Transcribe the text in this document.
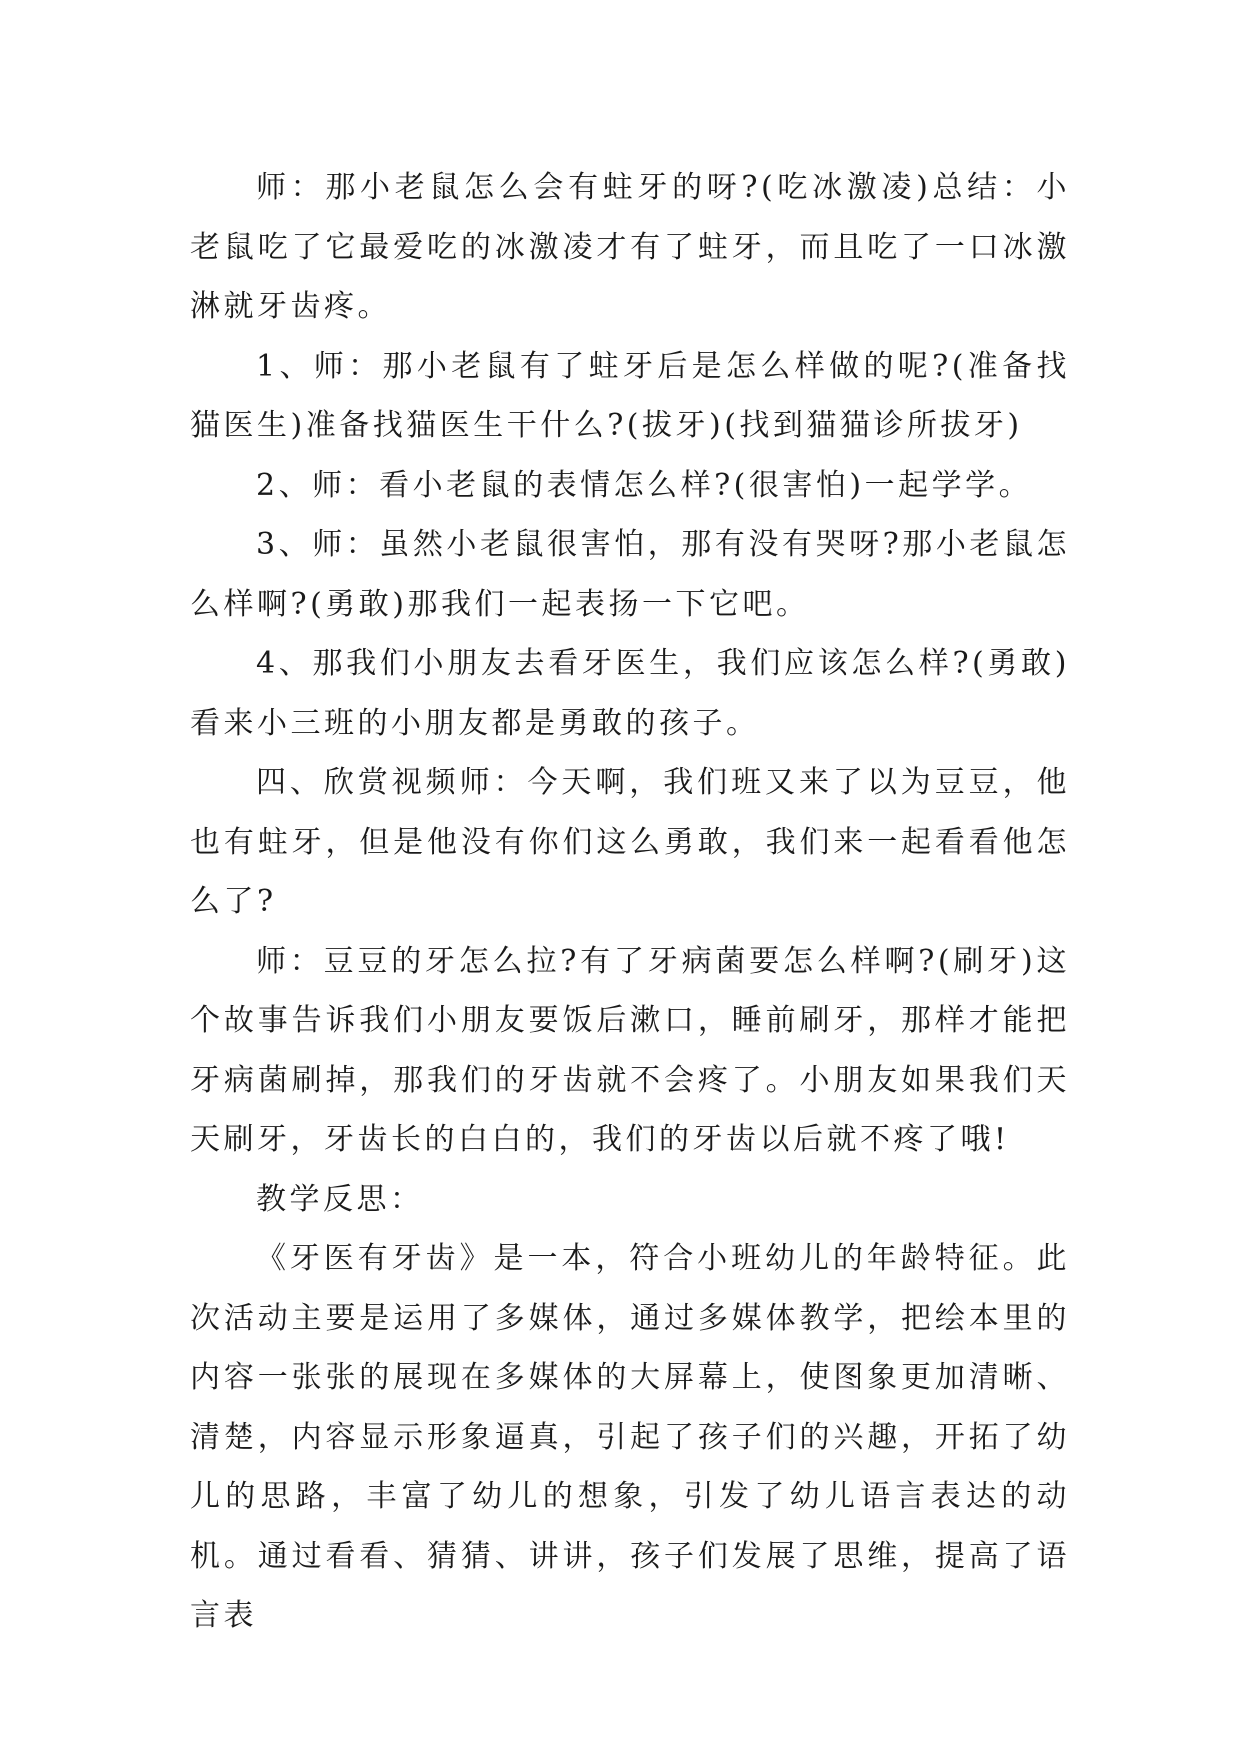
师：那小老鼠怎么会有蛀牙的呀?(吃冰激凌)总结：小老鼠吃了它最爱吃的冰激凌才有了蛀牙，而且吃了一口冰激淋就牙齿疼。

1、师：那小老鼠有了蛀牙后是怎么样做的呢?(准备找猫医生)准备找猫医生干什么?(拔牙)(找到猫猫诊所拔牙)

2、师：看小老鼠的表情怎么样?(很害怕)一起学学。

3、师：虽然小老鼠很害怕，那有没有哭呀?那小老鼠怎么样啊?(勇敢)那我们一起表扬一下它吧。

4、那我们小朋友去看牙医生，我们应该怎么样?(勇敢)看来小三班的小朋友都是勇敢的孩子。

四、欣赏视频师：今天啊，我们班又来了以为豆豆，他也有蛀牙，但是他没有你们这么勇敢，我们来一起看看他怎么了?

师：豆豆的牙怎么拉?有了牙病菌要怎么样啊?(刷牙)这个故事告诉我们小朋友要饭后漱口，睡前刷牙，那样才能把牙病菌刷掉，那我们的牙齿就不会疼了。小朋友如果我们天天刷牙，牙齿长的白白的，我们的牙齿以后就不疼了哦!

教学反思：

《牙医有牙齿》是一本，符合小班幼儿的年龄特征。此次活动主要是运用了多媒体，通过多媒体教学，把绘本里的内容一张张的展现在多媒体的大屏幕上，使图象更加清晰、清楚，内容显示形象逼真，引起了孩子们的兴趣，开拓了幼儿的思路，丰富了幼儿的想象，引发了幼儿语言表达的动机。通过看看、猜猜、讲讲，孩子们发展了思维，提高了语言表
